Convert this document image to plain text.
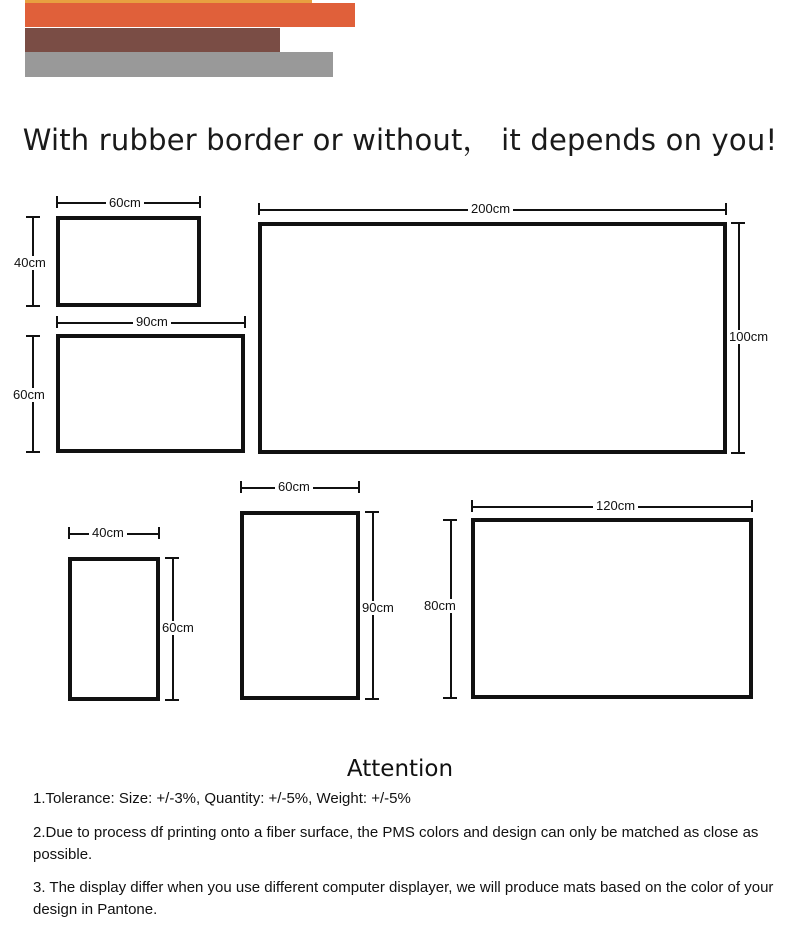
With rubber border or without， it depends on you!
60cm
40cm
90cm
60cm
200cm
100cm
40cm
60cm
60cm
90cm
120cm
80cm
Attention
1.Tolerance: Size: +/-3%, Quantity: +/-5%, Weight: +/-5%
2.Due to process df printing onto a fiber surface, the PMS colors and design can only be matched as close as possible.
3. The display differ when you use different computer displayer, we will produce mats based on the color of your design in Pantone.
